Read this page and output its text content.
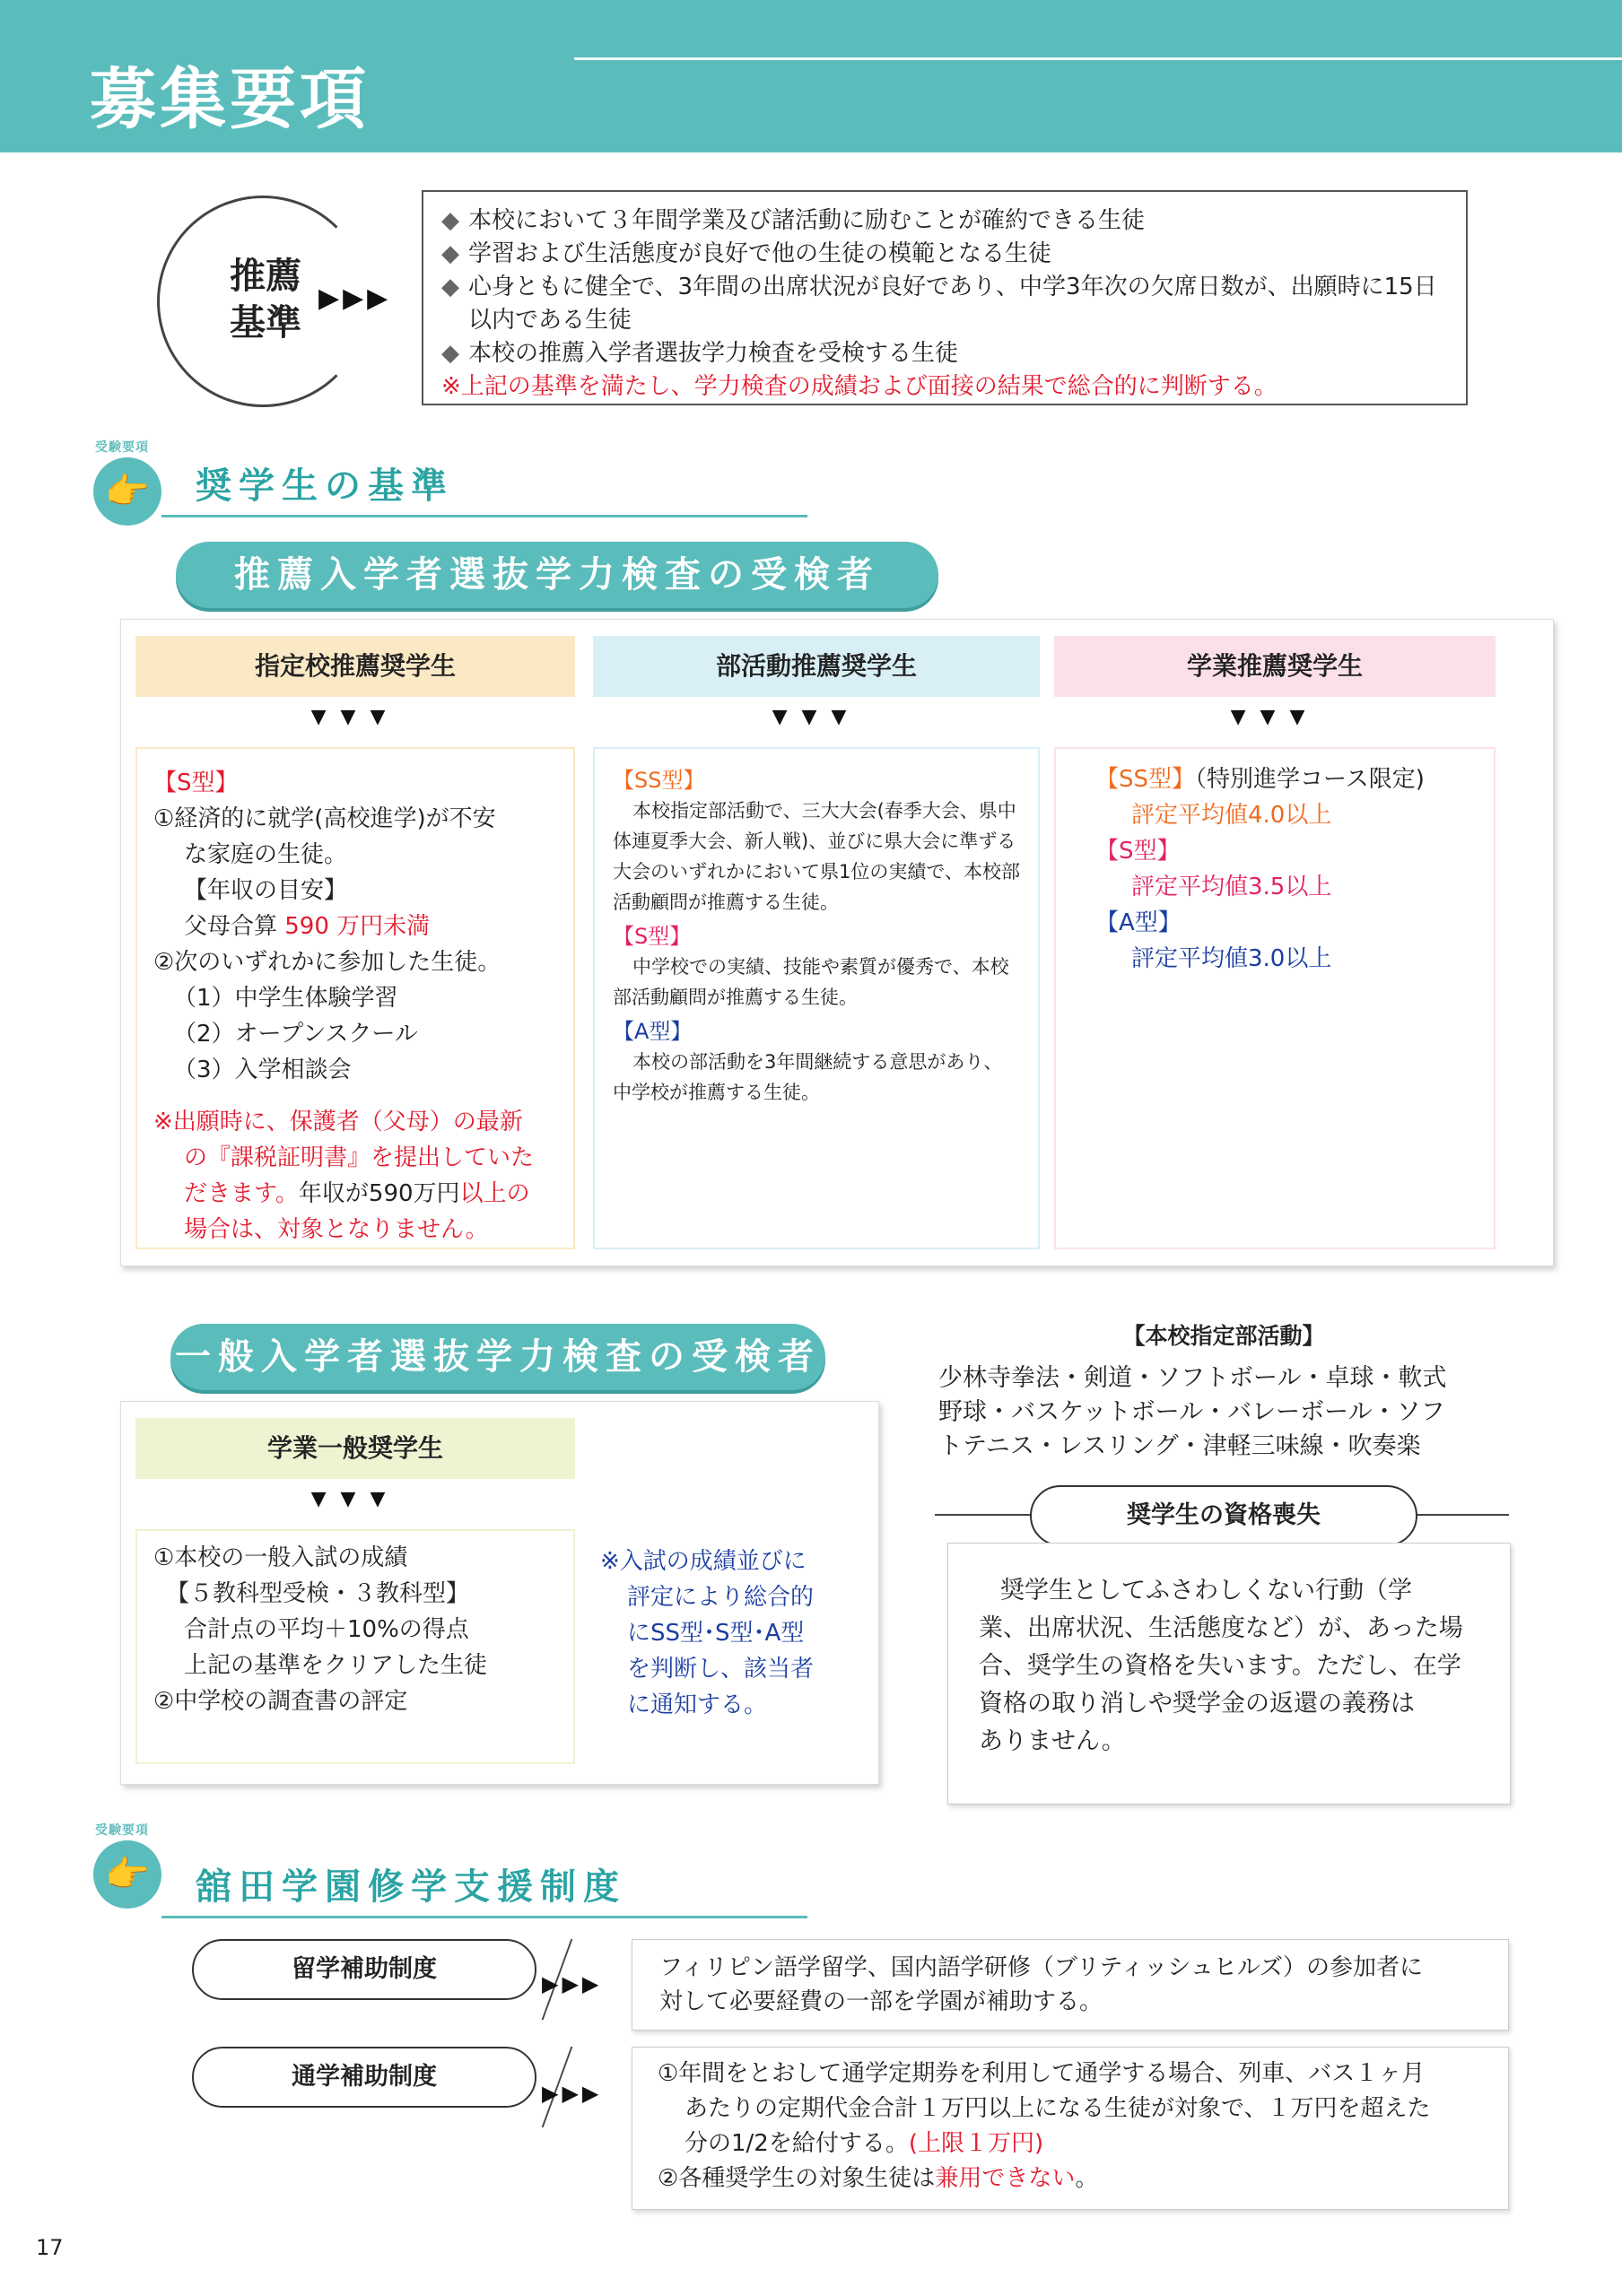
募集要項
推薦
基準
▶▶▶
◆ 本校において３年間学業及び諸活動に励むことが確約できる生徒
◆ 学習および生活態度が良好で他の生徒の模範となる生徒
◆ 心身ともに健全で、3年間の出席状況が良好であり、中学3年次の欠席日数が、出願時に15日以内である生徒
◆ 本校の推薦入学者選抜学力検査を受検する生徒
※上記の基準を満たし、学力検査の成績および面接の結果で総合的に判断する。
受験要項
👉	奨学生の基準
推薦入学者選抜学力検査の受検者
指定校推薦奨学生
▼▼▼
【S型】
①経済的に就学(高校進学)が不安
な家庭の生徒。
【年収の目安】
父母合算 590 万円未満
②次のいずれかに参加した生徒。
（1）中学生体験学習
（2）オープンスクール
（3）入学相談会
※出願時に、保護者（父母）の最新
の『課税証明書』を提出していた
だきます。年収が590万円以上の
場合は、対象となりません。
部活動推薦奨学生
▼▼▼
【SS型】
本校指定部活動で、三大大会(春季大会、県中体連夏季大会、新人戦)、並びに県大会に準ずる大会のいずれかにおいて県1位の実績で、本校部活動顧問が推薦する生徒。
【S型】
中学校での実績、技能や素質が優秀で、本校部活動顧問が推薦する生徒。
【A型】
本校の部活動を3年間継続する意思があり、中学校が推薦する生徒。
学業推薦奨学生
▼▼▼
【SS型】（特別進学コース限定)
評定平均値4.0以上
【S型】
評定平均値3.5以上
【A型】
評定平均値3.0以上
一般入学者選抜学力検査の受検者
学業一般奨学生
▼▼▼
①本校の一般入試の成績
【５教科型受検・３教科型】
合計点の平均＋10%の得点
上記の基準をクリアした生徒
②中学校の調査書の評定
※入試の成績並びに
評定により総合的
にSS型･S型･A型
を判断し、該当者
に通知する。
【本校指定部活動】
少林寺拳法・剣道・ソフトボール・卓球・軟式
野球・バスケットボール・バレーボール・ソフ
トテニス・レスリング・津軽三味線・吹奏楽
奨学生の資格喪失
奨学生としてふさわしくない行動（学
業、出席状況、生活態度など）が、あった場
合、奨学生の資格を失います。ただし、在学
資格の取り消しや奨学金の返還の義務は
ありません。
受験要項
👉	舘田学園修学支援制度
留学補助制度
▶▶▶
フィリピン語学留学、国内語学研修（ブリティッシュヒルズ）の参加者に
対して必要経費の一部を学園が補助する。
通学補助制度
▶▶▶
①年間をとおして通学定期券を利用して通学する場合、列車、バス１ヶ月
あたりの定期代金合計１万円以上になる生徒が対象で、１万円を超えた
分の1/2を給付する。(上限１万円)
②各種奨学生の対象生徒は兼用できない。
17
